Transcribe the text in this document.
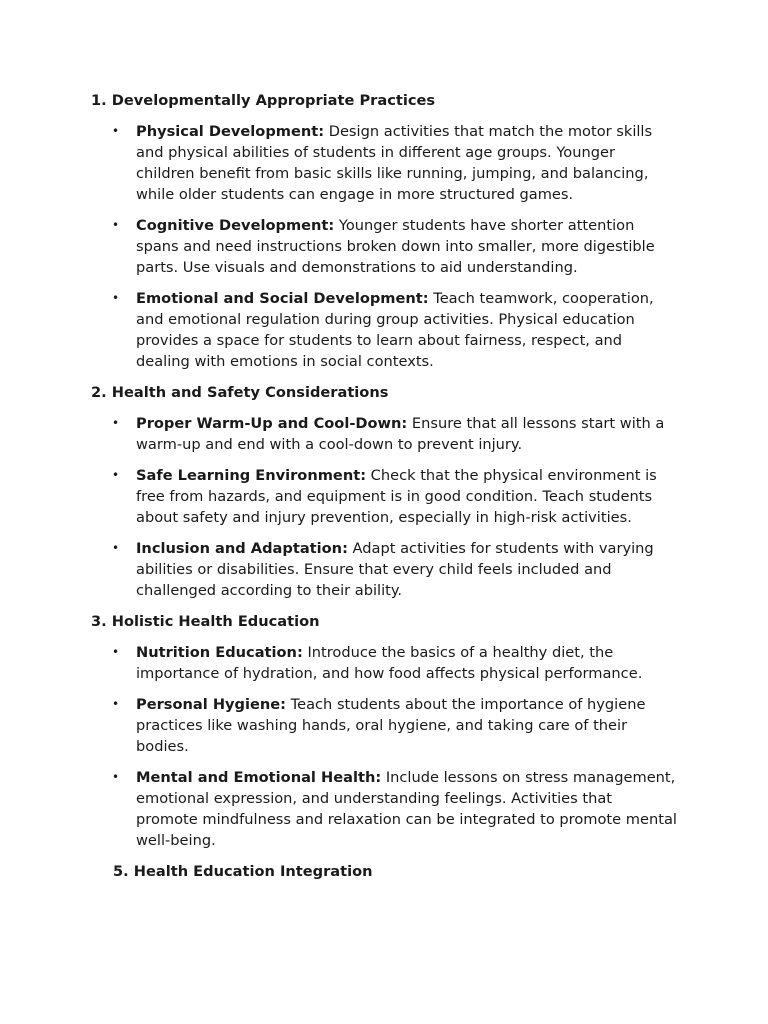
1. Developmentally Appropriate Practices
• Physical Development: Design activities that match the motor skills and physical abilities of students in different age groups. Younger children benefit from basic skills like running, jumping, and balancing, while older students can engage in more structured games.
• Cognitive Development: Younger students have shorter attention spans and need instructions broken down into smaller, more digestible parts. Use visuals and demonstrations to aid understanding.
• Emotional and Social Development: Teach teamwork, cooperation, and emotional regulation during group activities. Physical education provides a space for students to learn about fairness, respect, and dealing with emotions in social contexts.
2. Health and Safety Considerations
• Proper Warm-Up and Cool-Down: Ensure that all lessons start with a warm-up and end with a cool-down to prevent injury.
• Safe Learning Environment: Check that the physical environment is free from hazards, and equipment is in good condition. Teach students about safety and injury prevention, especially in high-risk activities.
• Inclusion and Adaptation: Adapt activities for students with varying abilities or disabilities. Ensure that every child feels included and challenged according to their ability.
3. Holistic Health Education
• Nutrition Education: Introduce the basics of a healthy diet, the importance of hydration, and how food affects physical performance.
• Personal Hygiene: Teach students about the importance of hygiene practices like washing hands, oral hygiene, and taking care of their bodies.
• Mental and Emotional Health: Include lessons on stress management, emotional expression, and understanding feelings. Activities that promote mindfulness and relaxation can be integrated to promote mental well-being.
5. Health Education Integration
